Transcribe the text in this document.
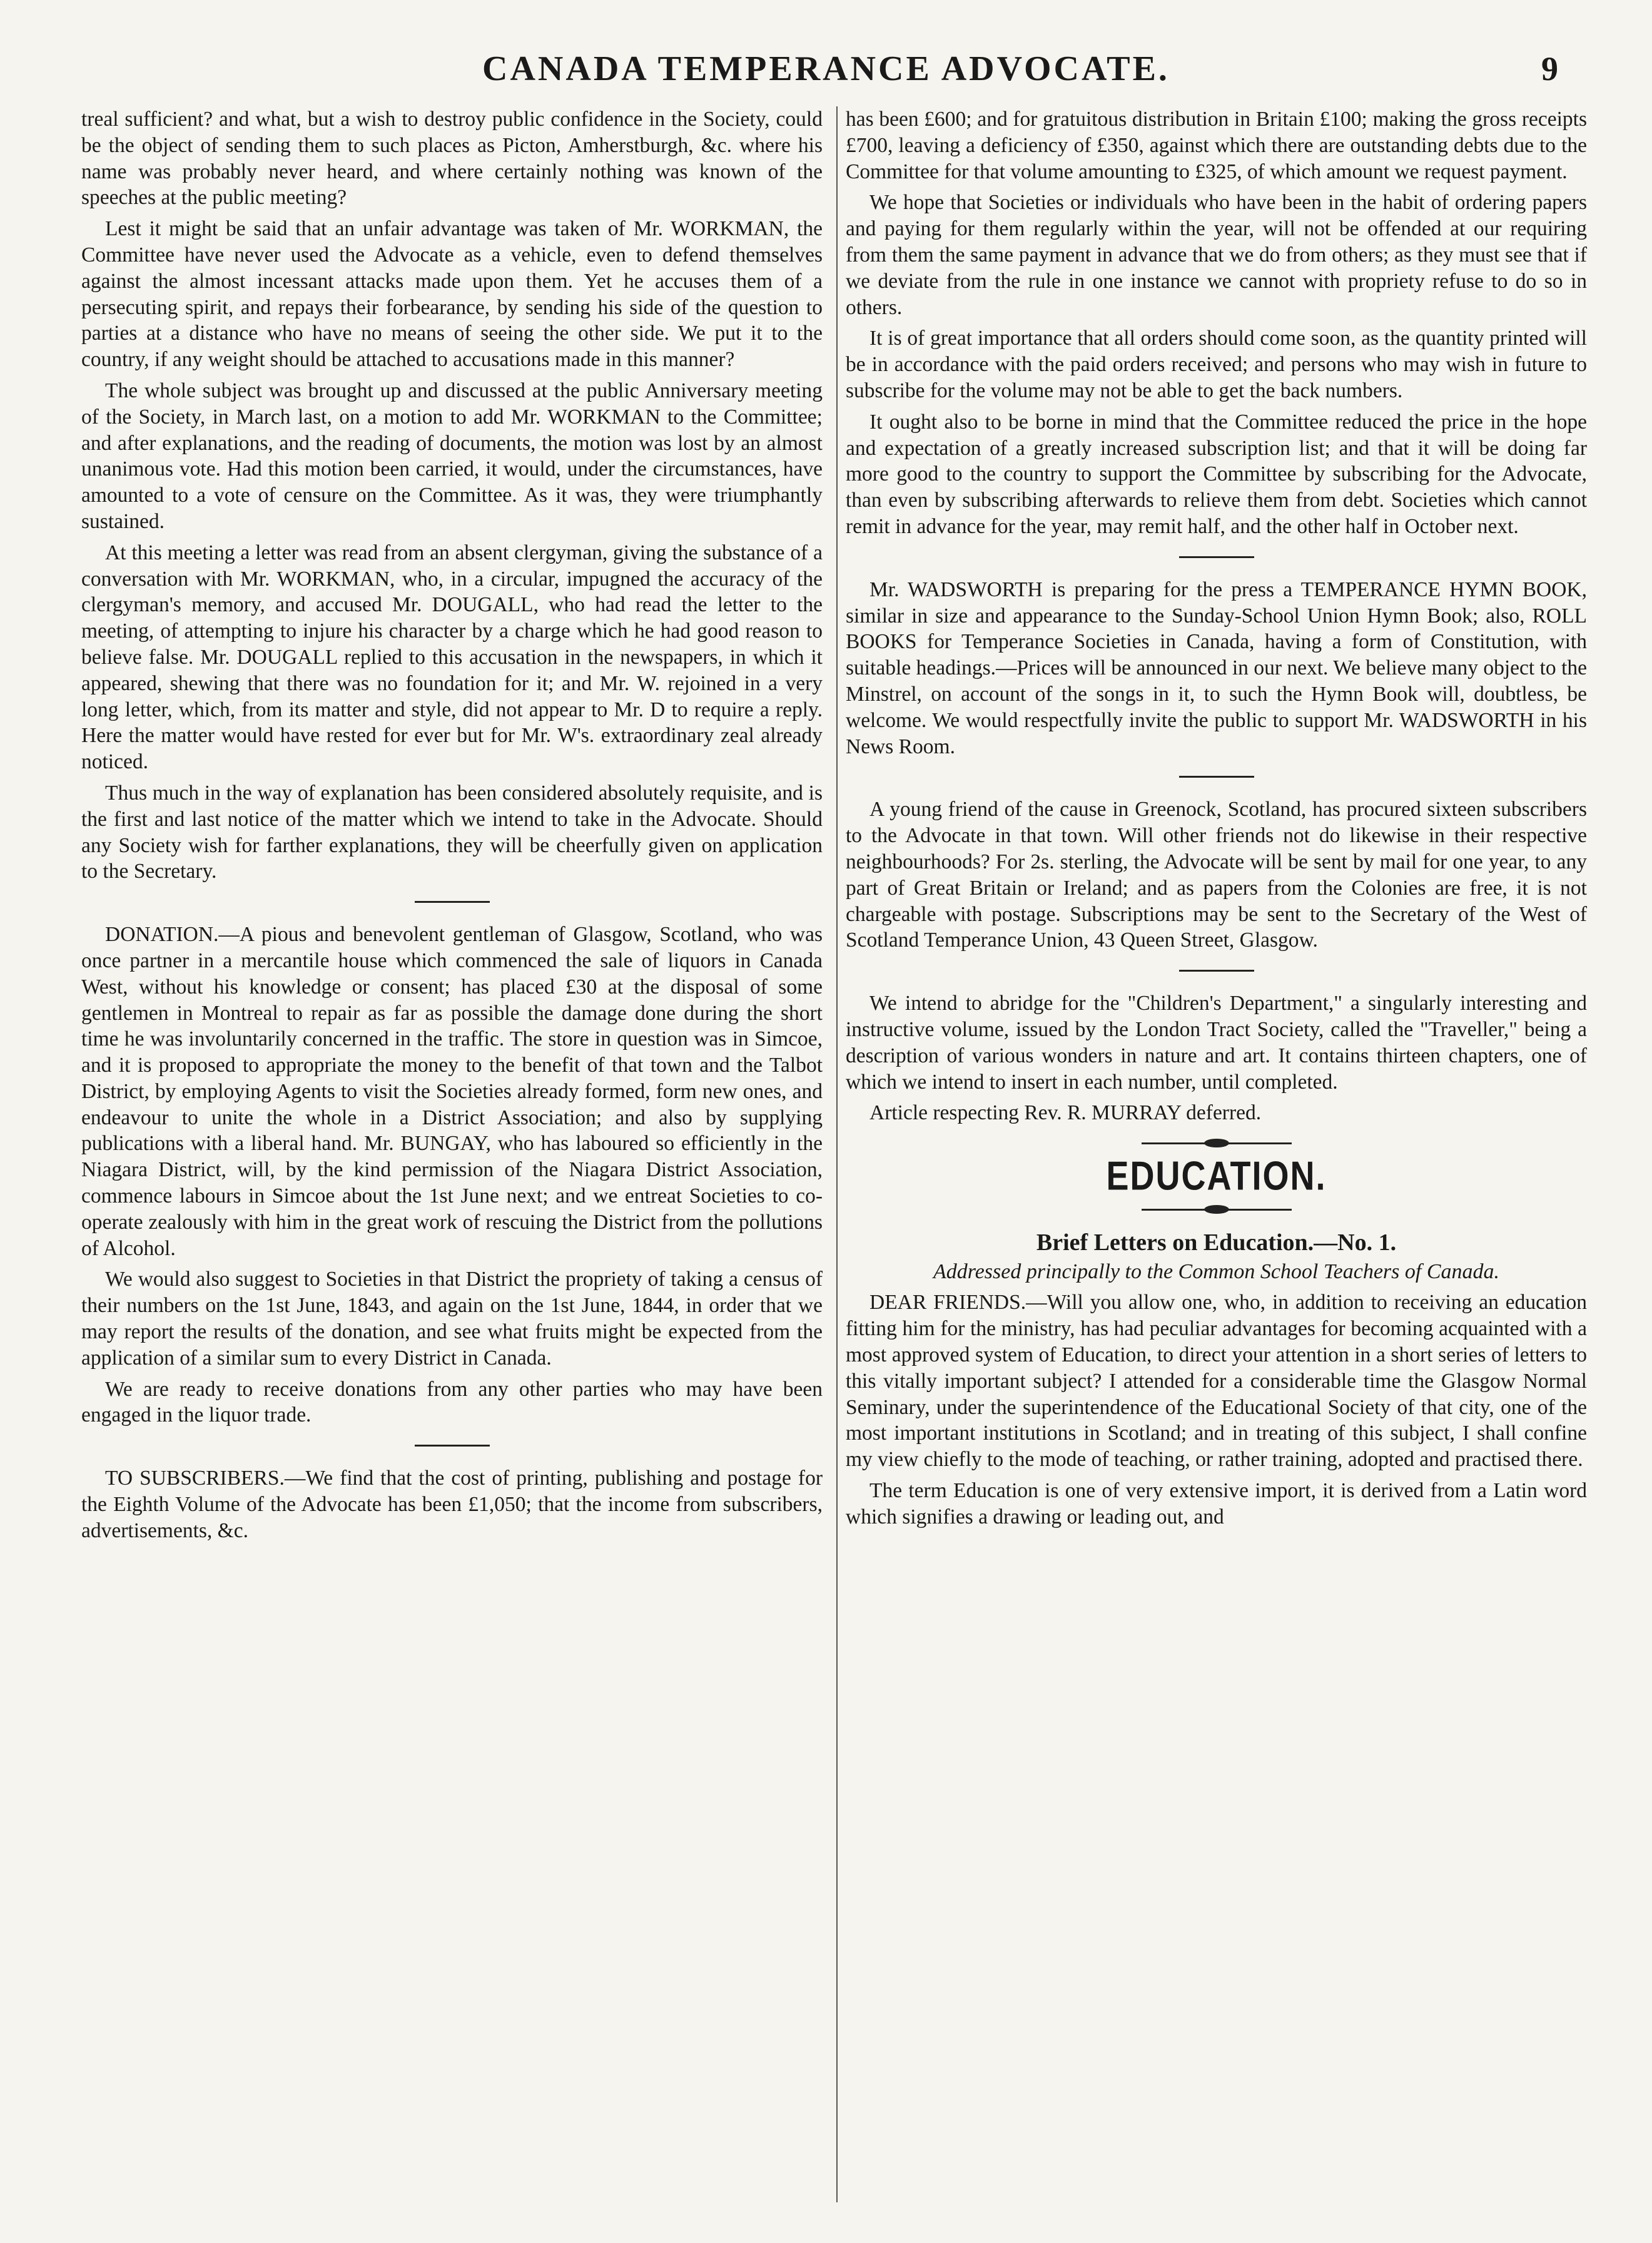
CANADA TEMPERANCE ADVOCATE.	9

treal sufficient? and what, but a wish to destroy public confidence in the Society, could be the object of sending them to such places as Picton, Amherstburgh, &c. where his name was probably never heard, and where certainly nothing was known of the speeches at the public meeting?

Lest it might be said that an unfair advantage was taken of Mr. WORKMAN, the Committee have never used the Advocate as a vehicle, even to defend themselves against the almost incessant attacks made upon them. Yet he accuses them of a persecuting spirit, and repays their forbearance, by sending his side of the question to parties at a distance who have no means of seeing the other side. We put it to the country, if any weight should be attached to accusations made in this manner?

The whole subject was brought up and discussed at the public Anniversary meeting of the Society, in March last, on a motion to add Mr. WORKMAN to the Committee; and after explanations, and the reading of documents, the motion was lost by an almost unanimous vote. Had this motion been carried, it would, under the circumstances, have amounted to a vote of censure on the Committee. As it was, they were triumphantly sustained.

At this meeting a letter was read from an absent clergyman, giving the substance of a conversation with Mr. WORKMAN, who, in a circular, impugned the accuracy of the clergyman's memory, and accused Mr. DOUGALL, who had read the letter to the meeting, of attempting to injure his character by a charge which he had good reason to believe false. Mr. DOUGALL replied to this accusation in the newspapers, in which it appeared, shewing that there was no foundation for it; and Mr. W. rejoined in a very long letter, which, from its matter and style, did not appear to Mr. D to require a reply. Here the matter would have rested for ever but for Mr. W's. extraordinary zeal already noticed.

Thus much in the way of explanation has been considered absolutely requisite, and is the first and last notice of the matter which we intend to take in the Advocate. Should any Society wish for farther explanations, they will be cheerfully given on application to the Secretary.

DONATION.—A pious and benevolent gentleman of Glasgow, Scotland, who was once partner in a mercantile house which commenced the sale of liquors in Canada West, without his knowledge or consent; has placed £30 at the disposal of some gentlemen in Montreal to repair as far as possible the damage done during the short time he was involuntarily concerned in the traffic. The store in question was in Simcoe, and it is proposed to appropriate the money to the benefit of that town and the Talbot District, by employing Agents to visit the Societies already formed, form new ones, and endeavour to unite the whole in a District Association; and also by supplying publications with a liberal hand. Mr. BUNGAY, who has laboured so efficiently in the Niagara District, will, by the kind permission of the Niagara District Association, commence labours in Simcoe about the 1st June next; and we entreat Societies to co-operate zealously with him in the great work of rescuing the District from the pollutions of Alcohol.

We would also suggest to Societies in that District the propriety of taking a census of their numbers on the 1st June, 1843, and again on the 1st June, 1844, in order that we may report the results of the donation, and see what fruits might be expected from the application of a similar sum to every District in Canada.

We are ready to receive donations from any other parties who may have been engaged in the liquor trade.

TO SUBSCRIBERS.—We find that the cost of printing, publishing and postage for the Eighth Volume of the Advocate has been £1,050; that the income from subscribers, advertisements, &c.

has been £600; and for gratuitous distribution in Britain £100; making the gross receipts £700, leaving a deficiency of £350, against which there are outstanding debts due to the Committee for that volume amounting to £325, of which amount we request payment.

We hope that Societies or individuals who have been in the habit of ordering papers and paying for them regularly within the year, will not be offended at our requiring from them the same payment in advance that we do from others; as they must see that if we deviate from the rule in one instance we cannot with propriety refuse to do so in others.

It is of great importance that all orders should come soon, as the quantity printed will be in accordance with the paid orders received; and persons who may wish in future to subscribe for the volume may not be able to get the back numbers.

It ought also to be borne in mind that the Committee reduced the price in the hope and expectation of a greatly increased subscription list; and that it will be doing far more good to the country to support the Committee by subscribing for the Advocate, than even by subscribing afterwards to relieve them from debt. Societies which cannot remit in advance for the year, may remit half, and the other half in October next.

Mr. WADSWORTH is preparing for the press a TEMPERANCE HYMN BOOK, similar in size and appearance to the Sunday-School Union Hymn Book; also, ROLL BOOKS for Temperance Societies in Canada, having a form of Constitution, with suitable headings.—Prices will be announced in our next. We believe many object to the Minstrel, on account of the songs in it, to such the Hymn Book will, doubtless, be welcome. We would respectfully invite the public to support Mr. WADSWORTH in his News Room.

A young friend of the cause in Greenock, Scotland, has procured sixteen subscribers to the Advocate in that town. Will other friends not do likewise in their respective neighbourhoods? For 2s. sterling, the Advocate will be sent by mail for one year, to any part of Great Britain or Ireland; and as papers from the Colonies are free, it is not chargeable with postage. Subscriptions may be sent to the Secretary of the West of Scotland Temperance Union, 43 Queen Street, Glasgow.

We intend to abridge for the "Children's Department," a singularly interesting and instructive volume, issued by the London Tract Society, called the "Traveller," being a description of various wonders in nature and art. It contains thirteen chapters, one of which we intend to insert in each number, until completed.

Article respecting Rev. R. MURRAY deferred.

EDUCATION.
Brief Letters on Education.—No. 1.
Addressed principally to the Common School Teachers of Canada.

DEAR FRIENDS.—Will you allow one, who, in addition to receiving an education fitting him for the ministry, has had peculiar advantages for becoming acquainted with a most approved system of Education, to direct your attention in a short series of letters to this vitally important subject? I attended for a considerable time the Glasgow Normal Seminary, under the superintendence of the Educational Society of that city, one of the most important institutions in Scotland; and in treating of this subject, I shall confine my view chiefly to the mode of teaching, or rather training, adopted and practised there.

The term Education is one of very extensive import, it is derived from a Latin word which signifies a drawing or leading out, and
